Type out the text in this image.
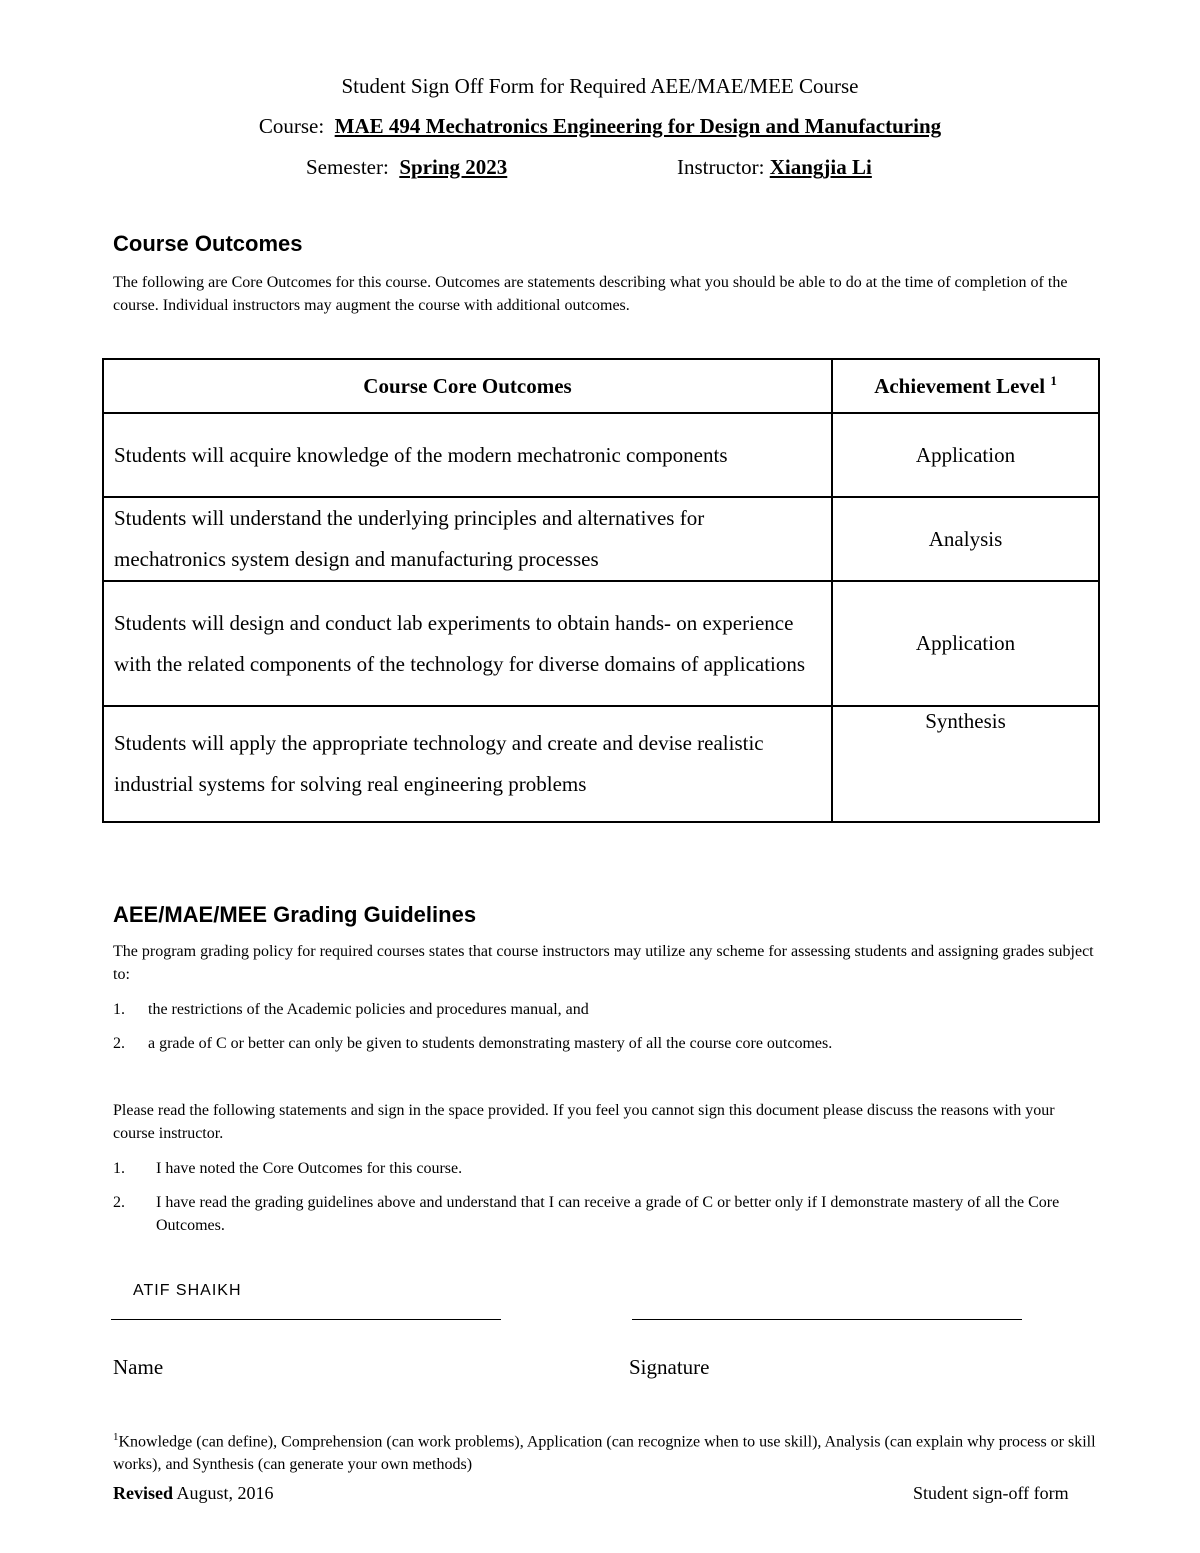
Student Sign Off Form for Required AEE/MAE/MEE Course
Course: MAE 494 Mechatronics Engineering for Design and Manufacturing
Semester: Spring 2023	Instructor: Xiangjia Li
Course Outcomes
The following are Core Outcomes for this course. Outcomes are statements describing what you should be able to do at the time of completion of the course. Individual instructors may augment the course with additional outcomes.
Course Core Outcomes	Achievement Level $^1$
Students will acquire knowledge of the modern mechatronic components	Application
Students will understand the underlying principles and alternatives for mechatronics system design and manufacturing processes	Analysis
Students will design and conduct lab experiments to obtain hands- on experience with the related components of the technology for diverse domains of applications	Application
Students will apply the appropriate technology and create and devise realistic industrial systems for solving real engineering problems	Synthesis
AEE/MAE/MEE Grading Guidelines
The program grading policy for required courses states that course instructors may utilize any scheme for assessing students and assigning grades subject to:
1. the restrictions of the Academic policies and procedures manual, and
2. a grade of C or better can only be given to students demonstrating mastery of all the course core outcomes.
Please read the following statements and sign in the space provided. If you feel you cannot sign this document please discuss the reasons with your course instructor.
1. I have noted the Core Outcomes for this course.
2. I have read the grading guidelines above and understand that I can receive a grade of C or better only if I demonstrate mastery of all the Core Outcomes.
ATIF SHAIKH
Name	Signature
$^1$Knowledge (can define), Comprehension (can work problems), Application (can recognize when to use skill), Analysis (can explain why process or skill works), and Synthesis (can generate your own methods)
Revised August, 2016	Student sign-off form
